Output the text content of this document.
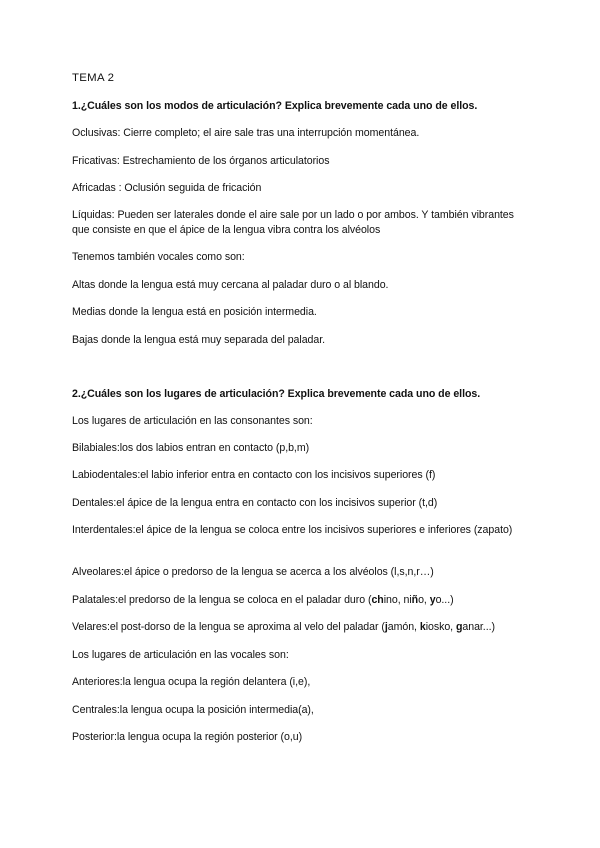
TEMA 2
1.¿Cuáles son los modos de articulación? Explica brevemente cada uno de ellos.
Oclusivas: Cierre completo; el aire sale tras una interrupción momentánea.
Fricativas: Estrechamiento de los órganos articulatorios
Africadas : Oclusión seguida de fricación
Líquidas: Pueden ser laterales donde el aire sale por un lado o por ambos. Y también vibrantes que consiste en que el ápice de la lengua vibra contra los alvéolos
Tenemos también vocales como son:
Altas donde la lengua está muy cercana al paladar duro o al blando.
Medias donde la lengua está en posición intermedia.
Bajas donde la lengua está muy separada del paladar.
2.¿Cuáles son los lugares de articulación? Explica brevemente cada uno de ellos.
Los lugares de articulación en las consonantes son:
Bilabiales:los dos labios entran en contacto (p,b,m)
Labiodentales:el labio inferior entra en contacto con los incisivos superiores (f)
Dentales:el ápice de la lengua entra en contacto con los incisivos superior (t,d)
Interdentales:el ápice de la lengua se coloca entre los incisivos superiores e inferiores (zapato)
Alveolares:el ápice o predorso de la lengua se acerca a los alvéolos (l,s,n,r…)
Palatales:el predorso de la lengua se coloca en el paladar duro (chino, niño, yo...)
Velares:el post-dorso de la lengua se aproxima al velo del paladar (jamón, kiosko, ganar...)
Los lugares de articulación en las vocales son:
Anteriores:la lengua ocupa la región delantera (i,e),
Centrales:la lengua ocupa la posición intermedia(a),
Posterior:la lengua ocupa la región posterior (o,u)
